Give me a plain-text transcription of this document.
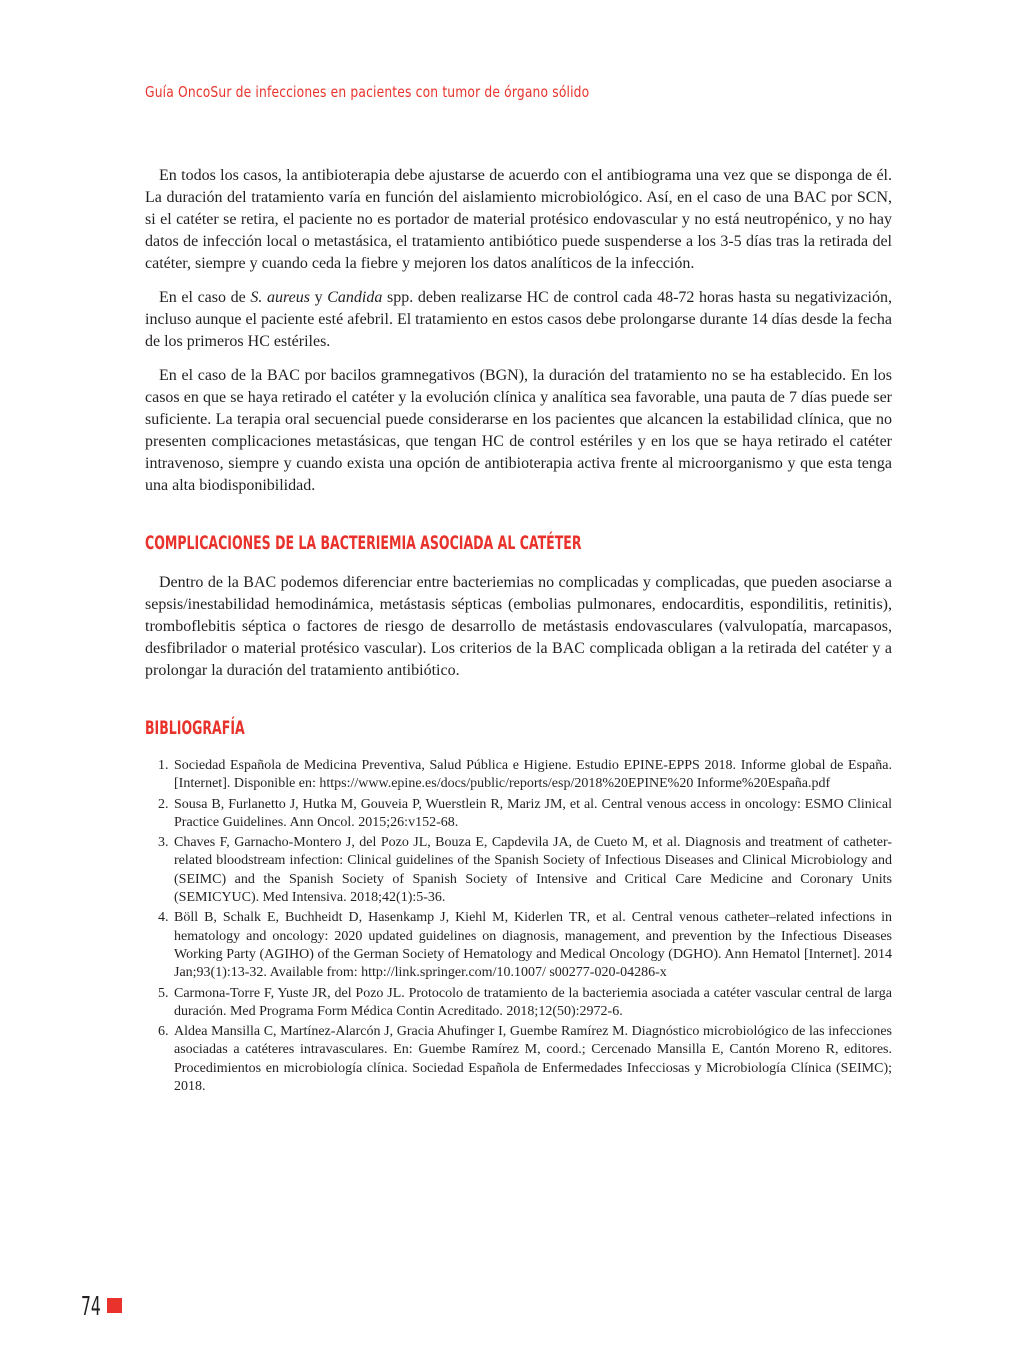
Guía OncoSur de infecciones en pacientes con tumor de órgano sólido

En todos los casos, la antibioterapia debe ajustarse de acuerdo con el antibiograma una vez que se disponga de él. La duración del tratamiento varía en función del aislamiento microbiológico. Así, en el caso de una BAC por SCN, si el catéter se retira, el paciente no es portador de material protésico endovascular y no está neutropénico, y no hay datos de infección local o metastásica, el tratamiento antibiótico puede suspenderse a los 3-5 días tras la retirada del catéter, siempre y cuando ceda la fiebre y mejoren los datos analíticos de la infección.

En el caso de S. aureus y Candida spp. deben realizarse HC de control cada 48-72 horas hasta su negativización, incluso aunque el paciente esté afebril. El tratamiento en estos casos debe prolongarse durante 14 días desde la fecha de los primeros HC estériles.

En el caso de la BAC por bacilos gramnegativos (BGN), la duración del tratamiento no se ha establecido. En los casos en que se haya retirado el catéter y la evolución clínica y analítica sea favorable, una pauta de 7 días puede ser suficiente. La terapia oral secuencial puede considerarse en los pacientes que alcancen la estabilidad clínica, que no presenten complicaciones metastásicas, que tengan HC de control estériles y en los que se haya retirado el catéter intravenoso, siempre y cuando exista una opción de antibioterapia activa frente al microorganismo y que esta tenga una alta biodisponibilidad.

COMPLICACIONES DE LA BACTERIEMIA ASOCIADA AL CATÉTER

Dentro de la BAC podemos diferenciar entre bacteriemias no complicadas y complicadas, que pueden asociarse a sepsis/inestabilidad hemodinámica, metástasis sépticas (embolias pulmonares, endocarditis, espondilitis, retinitis), tromboflebitis séptica o factores de riesgo de desarrollo de metástasis endovasculares (valvulopatía, marcapasos, desfibrilador o material protésico vascular). Los criterios de la BAC complicada obligan a la retirada del catéter y a prolongar la duración del tratamiento antibiótico.

BIBLIOGRAFÍA
1. Sociedad Española de Medicina Preventiva, Salud Pública e Higiene. Estudio EPINE-EPPS 2018. Informe global de España. [Internet]. Disponible en: https://www.epine.es/docs/public/reports/esp/2018%20EPINE%20 Informe%20España.pdf
2. Sousa B, Furlanetto J, Hutka M, Gouveia P, Wuerstlein R, Mariz JM, et al. Central venous access in oncology: ESMO Clinical Practice Guidelines. Ann Oncol. 2015;26:v152-68.
3. Chaves F, Garnacho-Montero J, del Pozo JL, Bouza E, Capdevila JA, de Cueto M, et al. Diagnosis and treatment of catheter-related bloodstream infection: Clinical guidelines of the Spanish Society of Infectious Diseases and Clinical Microbiology and (SEIMC) and the Spanish Society of Spanish Society of Intensive and Critical Care Medicine and Coronary Units (SEMICYUC). Med Intensiva. 2018;42(1):5-36.
4. Böll B, Schalk E, Buchheidt D, Hasenkamp J, Kiehl M, Kiderlen TR, et al. Central venous catheter–related infections in hematology and oncology: 2020 updated guidelines on diagnosis, management, and prevention by the Infectious Diseases Working Party (AGIHO) of the German Society of Hematology and Medical Oncology (DGHO). Ann Hematol [Internet]. 2014 Jan;93(1):13-32. Available from: http://link.springer.com/10.1007/ s00277-020-04286-x
5. Carmona-Torre F, Yuste JR, del Pozo JL. Protocolo de tratamiento de la bacteriemia asociada a catéter vascular central de larga duración. Med Programa Form Médica Contin Acreditado. 2018;12(50):2972-6.
6. Aldea Mansilla C, Martínez-Alarcón J, Gracia Ahufinger I, Guembe Ramírez M. Diagnóstico microbiológico de las infecciones asociadas a catéteres intravasculares. En: Guembe Ramírez M, coord.; Cercenado Mansilla E, Cantón Moreno R, editores. Procedimientos en microbiología clínica. Sociedad Española de Enfermedades Infecciosas y Microbiología Clínica (SEIMC); 2018.
74
